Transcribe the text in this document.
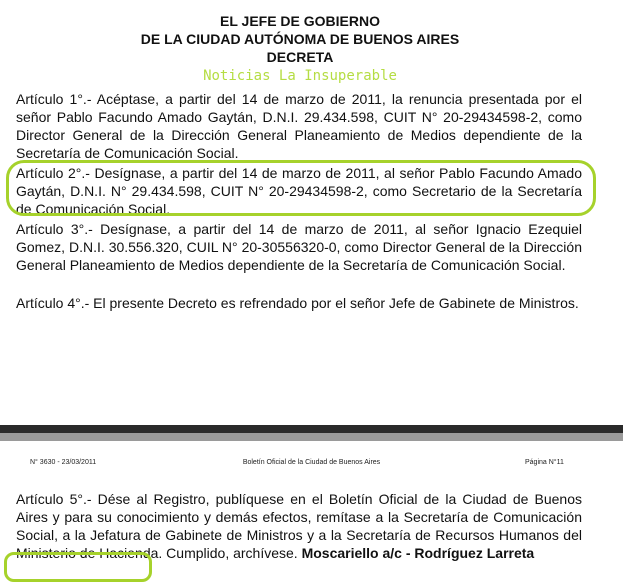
EL JEFE DE GOBIERNO
DE LA CIUDAD AUTÓNOMA DE BUENOS AIRES
DECRETA
Noticias La Insuperable

Artículo 1°.- Acéptase, a partir del 14 de marzo de 2011, la renuncia presentada por el señor Pablo Facundo Amado Gaytán, D.N.I. 29.434.598, CUIT N° 20-29434598-2, como Director General de la Dirección General Planeamiento de Medios dependiente de la Secretaría de Comunicación Social.

Artículo 2°.- Desígnase, a partir del 14 de marzo de 2011, al señor Pablo Facundo Amado Gaytán, D.N.I. N° 29.434.598, CUIT N° 20-29434598-2, como Secretario de la Secretaría de Comunicación Social.

Artículo 3°.- Desígnase, a partir del 14 de marzo de 2011, al señor Ignacio Ezequiel Gomez, D.N.I. 30.556.320, CUIL N° 20-30556320-0, como Director General de la Dirección General Planeamiento de Medios dependiente de la Secretaría de Comunicación Social.

Artículo 4°.- El presente Decreto es refrendado por el señor Jefe de Gabinete de Ministros.

N° 3630 - 23/03/2011	Boletín Oficial de la Ciudad de Buenos Aires	Página N°11

Artículo 5°.- Dése al Registro, publíquese en el Boletín Oficial de la Ciudad de Buenos Aires y para su conocimiento y demás efectos, remítase a la Secretaría de Comunicación Social, a la Jefatura de Gabinete de Ministros y a la Secretaría de Recursos Humanos del Ministerio de Hacienda. Cumplido, archívese. Moscariello a/c - Rodríguez Larreta
